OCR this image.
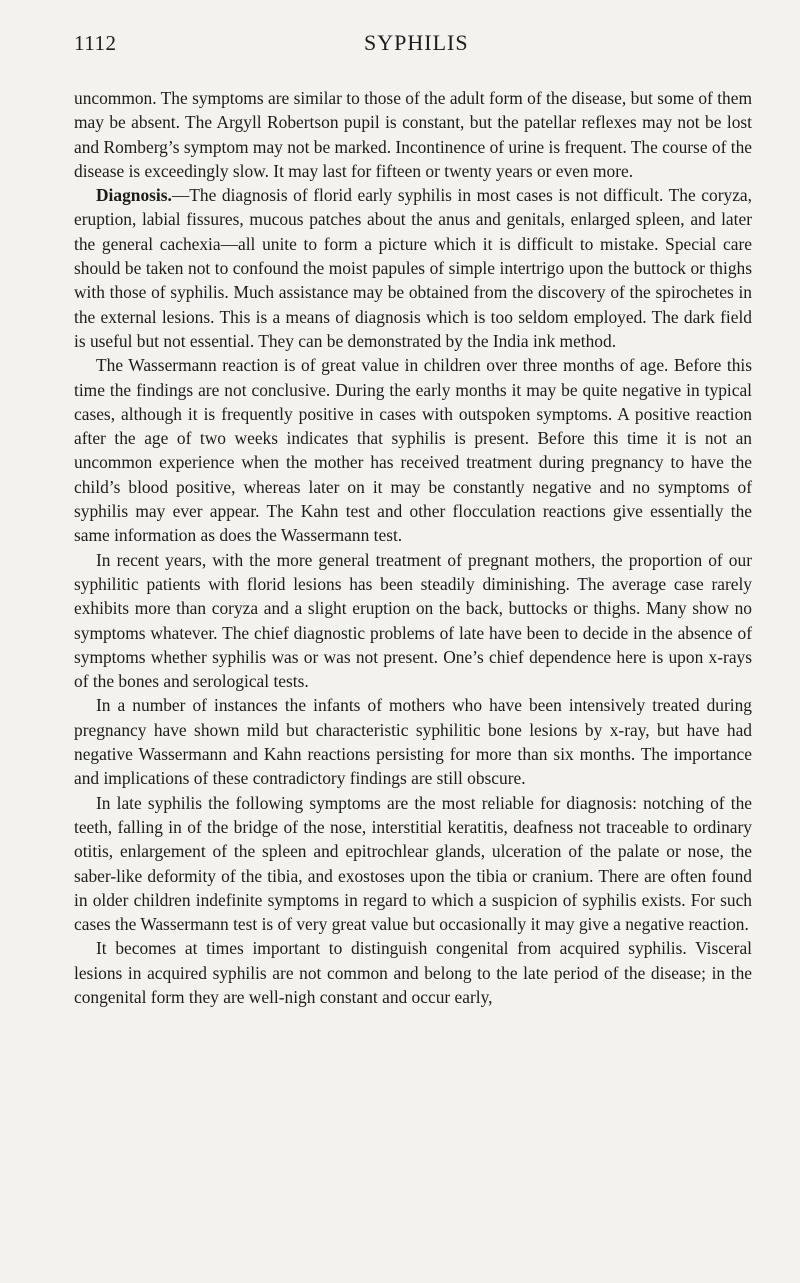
1112	SYPHILIS

uncommon. The symptoms are similar to those of the adult form of the disease, but some of them may be absent. The Argyll Robertson pupil is constant, but the patellar reflexes may not be lost and Romberg’s symptom may not be marked. Incontinence of urine is frequent. The course of the disease is exceedingly slow. It may last for fifteen or twenty years or even more.

Diagnosis.—The diagnosis of florid early syphilis in most cases is not difficult. The coryza, eruption, labial fissures, mucous patches about the anus and genitals, enlarged spleen, and later the general cachexia—all unite to form a picture which it is difficult to mistake. Special care should be taken not to confound the moist papules of simple intertrigo upon the buttock or thighs with those of syphilis. Much assistance may be obtained from the discovery of the spirochetes in the external lesions. This is a means of diagnosis which is too seldom employed. The dark field is useful but not essential. They can be demonstrated by the India ink method.

The Wassermann reaction is of great value in children over three months of age. Before this time the findings are not conclusive. During the early months it may be quite negative in typical cases, although it is frequently positive in cases with outspoken symptoms. A positive reaction after the age of two weeks indicates that syphilis is present. Before this time it is not an uncommon experience when the mother has received treatment during pregnancy to have the child’s blood positive, whereas later on it may be constantly negative and no symptoms of syphilis may ever appear. The Kahn test and other flocculation reactions give essentially the same information as does the Wassermann test.

In recent years, with the more general treatment of pregnant mothers, the proportion of our syphilitic patients with florid lesions has been steadily diminishing. The average case rarely exhibits more than coryza and a slight eruption on the back, buttocks or thighs. Many show no symptoms whatever. The chief diagnostic problems of late have been to decide in the absence of symptoms whether syphilis was or was not present. One’s chief dependence here is upon x-rays of the bones and serological tests.

In a number of instances the infants of mothers who have been intensively treated during pregnancy have shown mild but characteristic syphilitic bone lesions by x-ray, but have had negative Wassermann and Kahn reactions persisting for more than six months. The importance and implications of these contradictory findings are still obscure.

In late syphilis the following symptoms are the most reliable for diagnosis: notching of the teeth, falling in of the bridge of the nose, interstitial keratitis, deafness not traceable to ordinary otitis, enlargement of the spleen and epitrochlear glands, ulceration of the palate or nose, the saber-like deformity of the tibia, and exostoses upon the tibia or cranium. There are often found in older children indefinite symptoms in regard to which a suspicion of syphilis exists. For such cases the Wassermann test is of very great value but occasionally it may give a negative reaction.

It becomes at times important to distinguish congenital from acquired syphilis. Visceral lesions in acquired syphilis are not common and belong to the late period of the disease; in the congenital form they are well-nigh constant and occur early,
